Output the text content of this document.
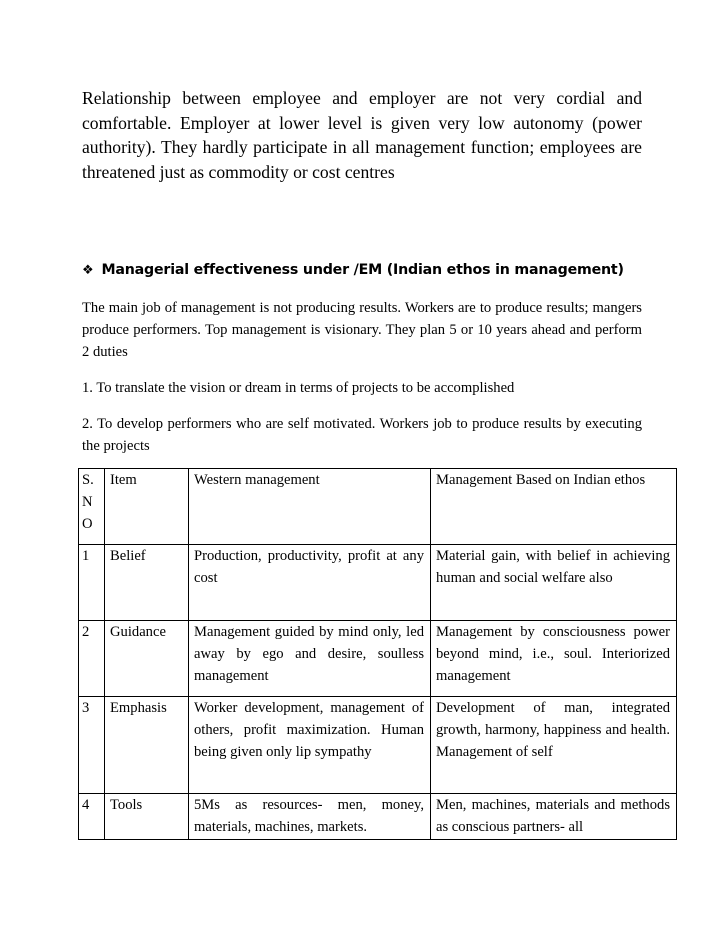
Relationship between employee and employer are not very cordial and comfortable. Employer at lower level is given very low autonomy (power authority). They hardly participate in all management function; employees are threatened just as commodity or cost centres

❖ Managerial effectiveness under /EM (Indian ethos in management)

The main job of management is not producing results. Workers are to produce results; mangers produce performers. Top management is visionary. They plan 5 or 10 years ahead and perform 2 duties

1. To translate the vision or dream in terms of projects to be accomplished

2. To develop performers who are self motivated. Workers job to produce results by executing the projects

S. N O	Item	Western management	Management Based on Indian ethos
1	Belief	Production, productivity, profit at any cost	Material gain, with belief in achieving human and social welfare also
2	Guidance	Management guided by mind only, led away by ego and desire, soulless management	Management by consciousness power beyond mind, i.e., soul. Interiorized management
3	Emphasis	Worker development, management of others, profit maximization. Human being given only lip sympathy	Development of man, integrated growth, harmony, happiness and health. Management of self
4	Tools	5Ms as resources- men, money, materials, machines, markets.	Men, machines, materials and methods as conscious partners- all
